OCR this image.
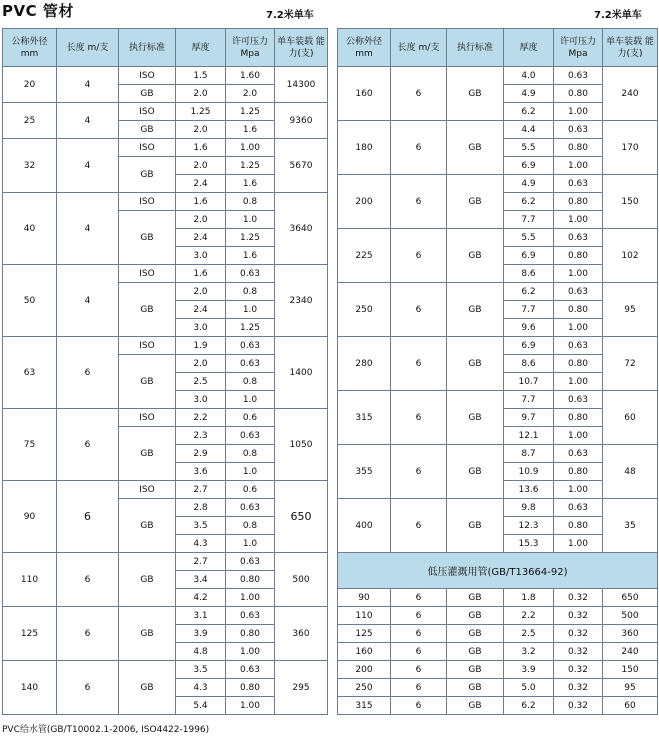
PVC 管材	7.2米单车	7.2米单车
公称外径 mm	长度 m/支	执行标准	厚度	许可压力 Mpa	单车装载 能力(支)
20	4	ISO	1.5	1.60	14300
		GB	2.0	2.0	
25	4	ISO	1.25	1.25	9360
		GB	2.0	1.6	
32	4	ISO	1.6	1.00	5670
		GB	2.0	1.25	
			2.4	1.6	
40	4	ISO	1.6	0.8	3640
		GB	2.0	1.0	
			2.4	1.25	
			3.0	1.6	
50	4	ISO	1.6	0.63	2340
		GB	2.0	0.8	
			2.4	1.0	
			3.0	1.25	
63	6	ISO	1.9	0.63	1400
		GB	2.0	0.63	
			2.5	0.8	
			3.0	1.0	
75	6	ISO	2.2	0.6	1050
		GB	2.3	0.63	
			2.9	0.8	
			3.6	1.0	
90	6	ISO	2.7	0.6	650
		GB	2.8	0.63	
			3.5	0.8	
			4.3	1.0	
110	6	GB	2.7	0.63	500
			3.4	0.80	
			4.2	1.00	
125	6	GB	3.1	0.63	360
			3.9	0.80	
			4.8	1.00	
140	6	GB	3.5	0.63	295
			4.3	0.80	
			5.4	1.00	
公称外径 mm	长度 m/支	执行标准	厚度	许可压力 Mpa	单车装载 能力(支)
160	6	GB	4.0	0.63	240
			4.9	0.80	
			6.2	1.00	
180	6	GB	4.4	0.63	170
			5.5	0.80	
			6.9	1.00	
200	6	GB	4.9	0.63	150
			6.2	0.80	
			7.7	1.00	
225	6	GB	5.5	0.63	102
			6.9	0.80	
			8.6	1.00	
250	6	GB	6.2	0.63	95
			7.7	0.80	
			9.6	1.00	
280	6	GB	6.9	0.63	72
			8.6	0.80	
			10.7	1.00	
315	6	GB	7.7	0.63	60
			9.7	0.80	
			12.1	1.00	
355	6	GB	8.7	0.63	48
			10.9	0.80	
			13.6	1.00	
400	6	GB	9.8	0.63	35
			12.3	0.80	
			15.3	1.00	
低压灌溉用管(GB/T13664-92)					
90	6	GB	1.8	0.32	650
110	6	GB	2.2	0.32	500
125	6	GB	2.5	0.32	360
160	6	GB	3.2	0.32	240
200	6	GB	3.9	0.32	150
250	6	GB	5.0	0.32	95
315	6	GB	6.2	0.32	60
PVC给水管(GB/T10002.1-2006, ISO4422-1996)
